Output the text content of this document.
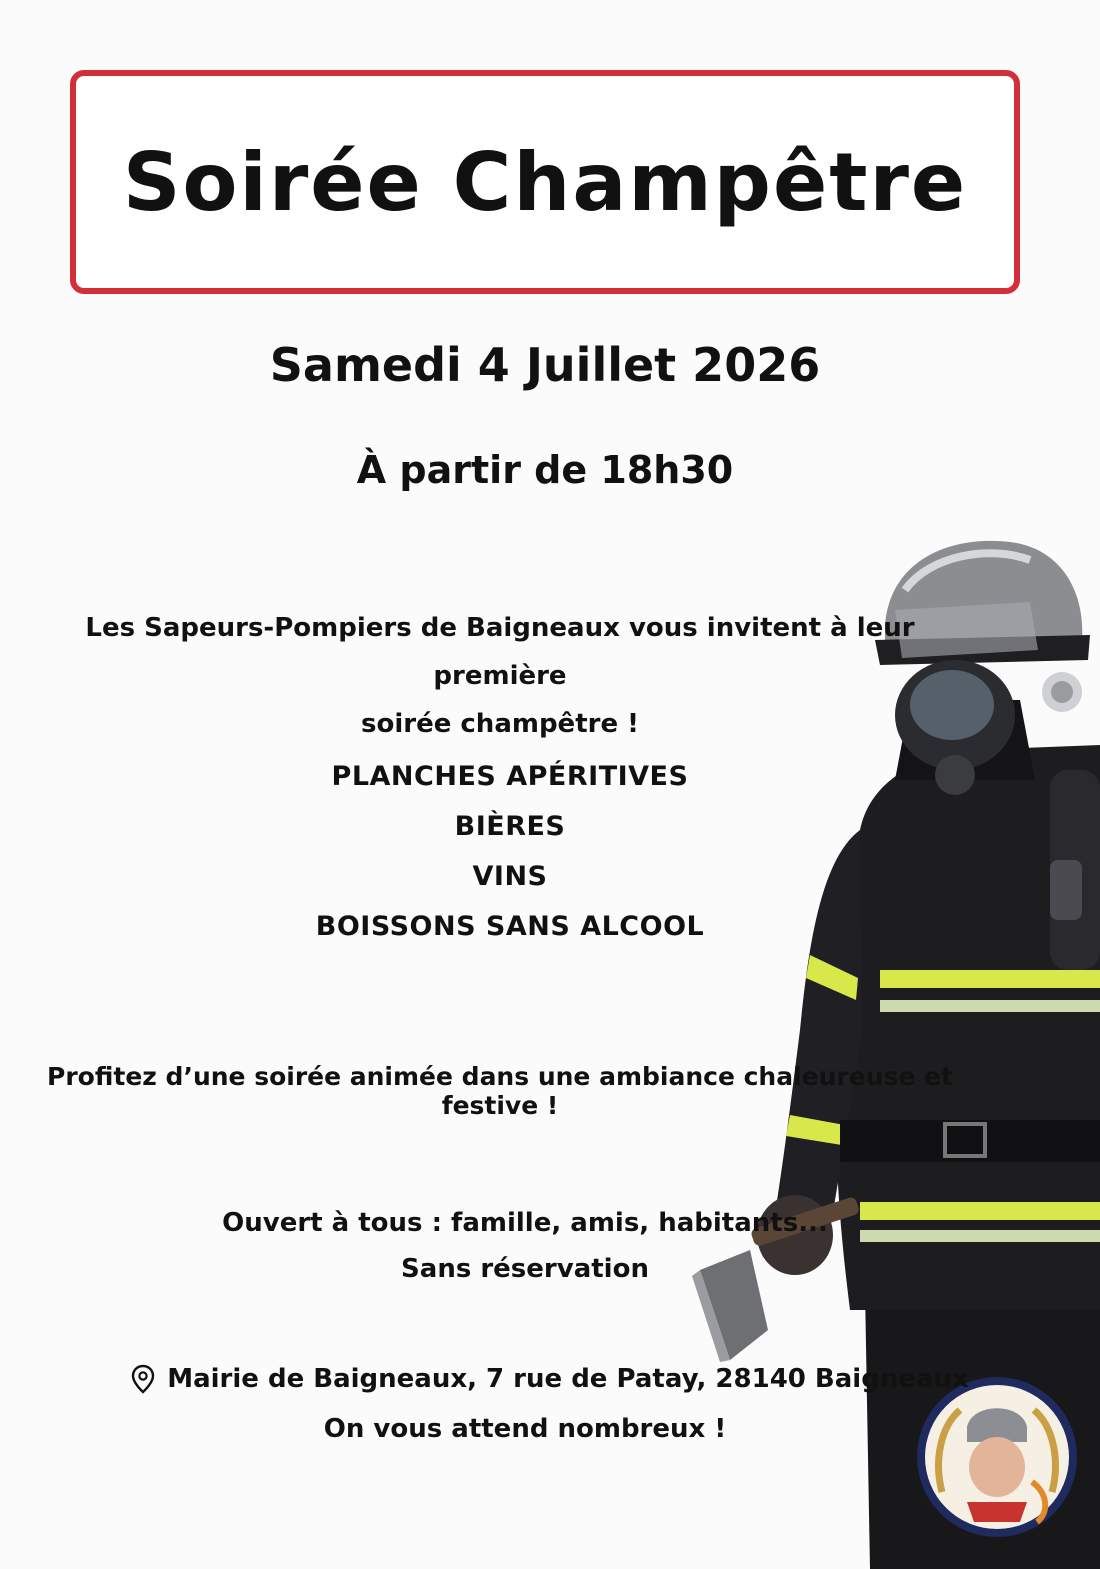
Soirée Champêtre
Samedi 4 Juillet 2026
À partir de 18h30
Les Sapeurs-Pompiers de Baigneaux vous invitent à leur première
soirée champêtre !
PLANCHES APÉRITIVES
BIÈRES
VINS
BOISSONS SANS ALCOOL
Profitez d’une soirée animée dans une ambiance chaleureuse et festive !
Ouvert à tous : famille, amis, habitants...
Sans réservation
Mairie de Baigneaux, 7 rue de Patay, 28140 Baigneaux
On vous attend nombreux !
